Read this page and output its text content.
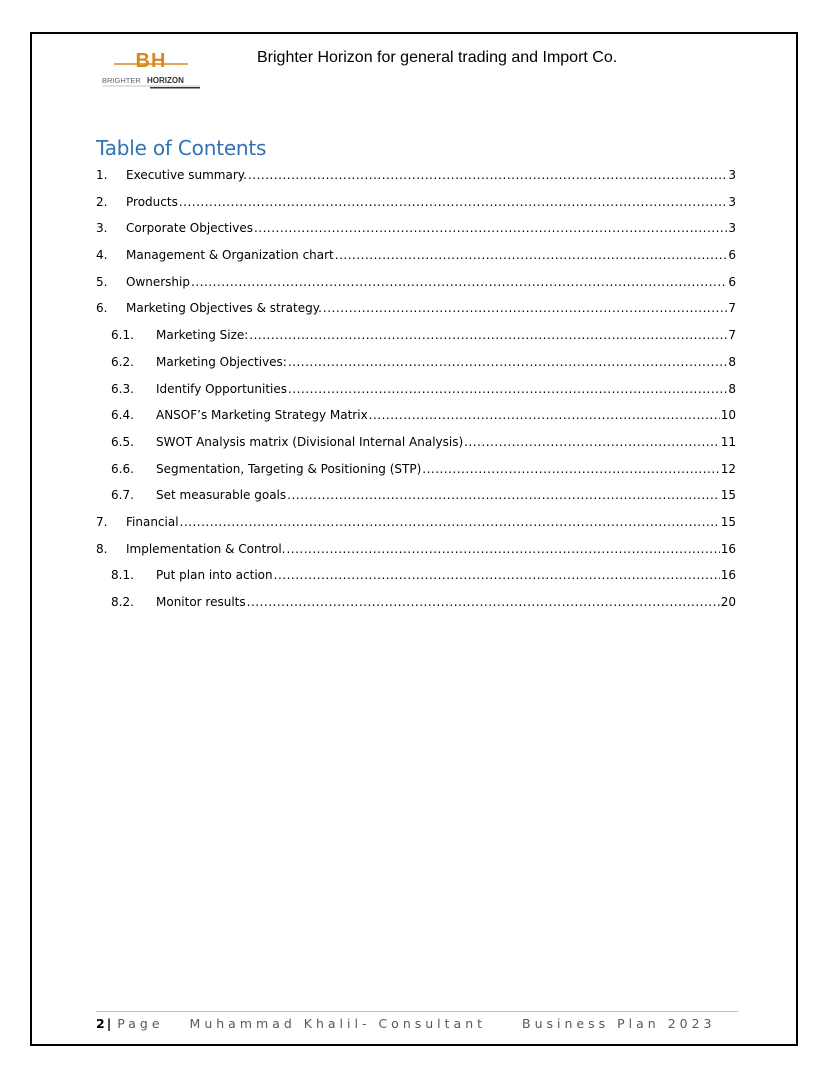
BH
BRIGHTER HORIZON
Brighter Horizon for general trading and Import Co.
Table of Contents
1.	Executive summary. .....	3
2.	Products .....	3
3.	Corporate Objectives .....	3
4.	Management & Organization chart .....	6
5.	Ownership .....	6
6.	Marketing Objectives & strategy. .....	7
6.1.	Marketing Size: .....	7
6.2.	Marketing Objectives: .....	8
6.3.	Identify Opportunities .....	8
6.4.	ANSOF’s Marketing Strategy Matrix .....	10
6.5.	SWOT Analysis matrix (Divisional Internal Analysis) .....	11
6.6.	Segmentation, Targeting & Positioning (STP) .....	12
6.7.	Set measurable goals .....	15
7.	Financial .....	15
8.	Implementation & Control. .....	16
8.1.	Put plan into action .....	16
8.2.	Monitor results .....	20
2 | Page Muhammad Khalil- Consultant	Business Plan 2023
